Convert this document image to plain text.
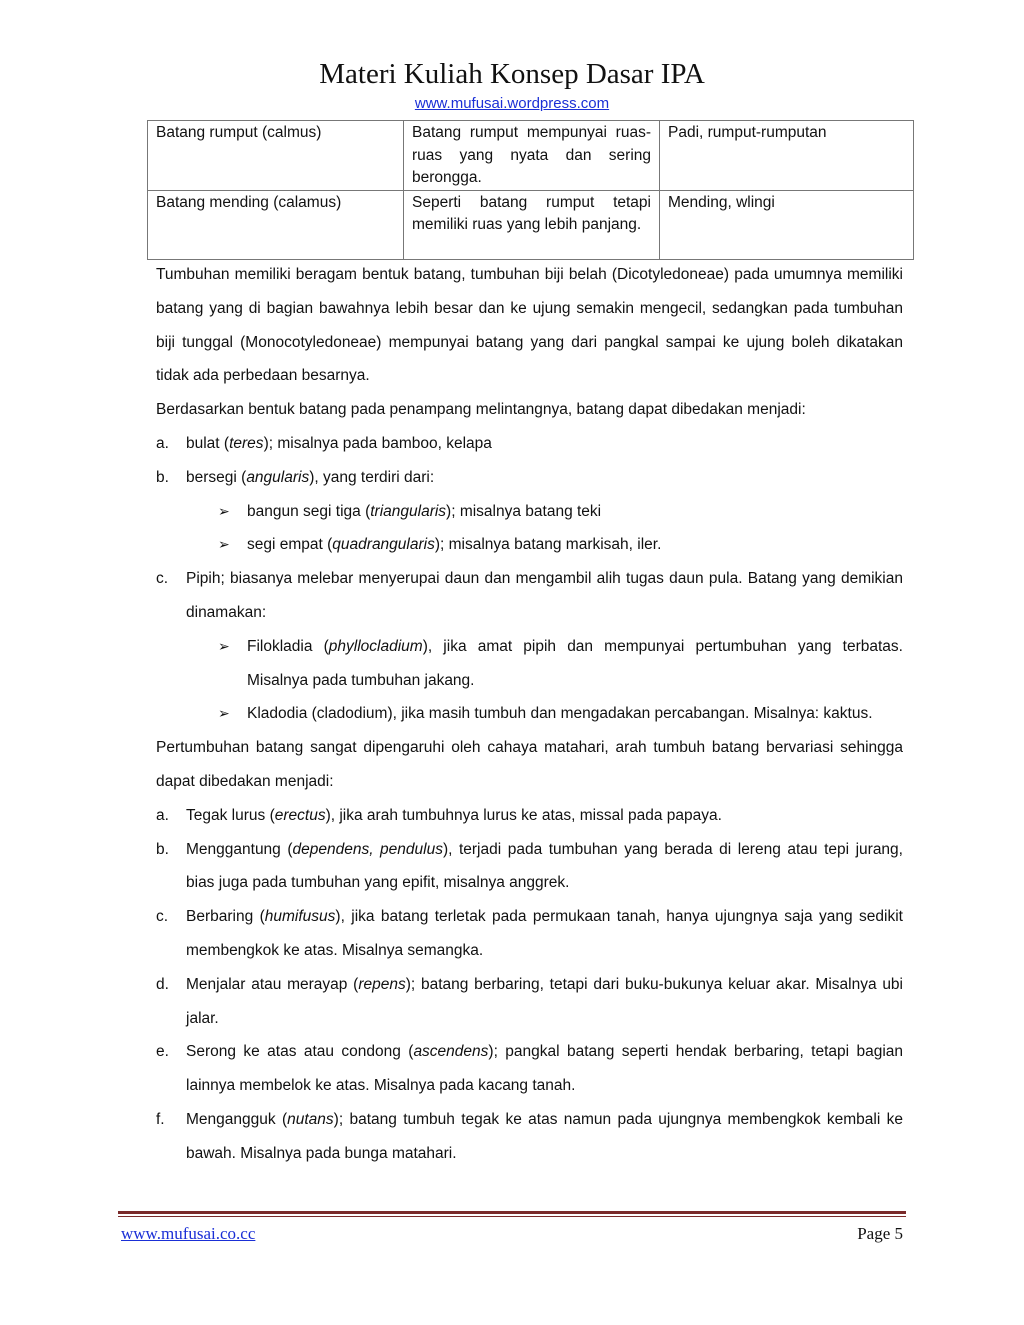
Materi Kuliah Konsep Dasar IPA
www.mufusai.wordpress.com
Batang rumput (calmus)	Batang rumput mempunyai ruas-ruas yang nyata dan sering berongga.	Padi, rumput-rumputan
Batang mending (calamus)	Seperti batang rumput tetapi memiliki ruas yang lebih panjang.	Mending, wlingi

Tumbuhan memiliki beragam bentuk batang, tumbuhan biji belah (Dicotyledoneae) pada umumnya memiliki batang yang di bagian bawahnya lebih besar dan ke ujung semakin mengecil, sedangkan pada tumbuhan biji tunggal (Monocotyledoneae) mempunyai batang yang dari pangkal sampai ke ujung boleh dikatakan tidak ada perbedaan besarnya.

Berdasarkan bentuk batang pada penampang melintangnya, batang dapat dibedakan menjadi:

a. bulat (teres); misalnya pada bamboo, kelapa
b. bersegi (angularis), yang terdiri dari:
➢ bangun segi tiga (triangularis); misalnya batang teki
➢ segi empat (quadrangularis); misalnya batang markisah, iler.
c. Pipih; biasanya melebar menyerupai daun dan mengambil alih tugas daun pula. Batang yang demikian dinamakan:
➢ Filokladia (phyllocladium), jika amat pipih dan mempunyai pertumbuhan yang terbatas. Misalnya pada tumbuhan jakang.
➢ Kladodia (cladodium), jika masih tumbuh dan mengadakan percabangan. Misalnya: kaktus.

Pertumbuhan batang sangat dipengaruhi oleh cahaya matahari, arah tumbuh batang bervariasi sehingga dapat dibedakan menjadi:

a. Tegak lurus (erectus), jika arah tumbuhnya lurus ke atas, missal pada papaya.
b. Menggantung (dependens, pendulus), terjadi pada tumbuhan yang berada di lereng atau tepi jurang, bias juga pada tumbuhan yang epifit, misalnya anggrek.
c. Berbaring (humifusus), jika batang terletak pada permukaan tanah, hanya ujungnya saja yang sedikit membengkok ke atas. Misalnya semangka.
d. Menjalar atau merayap (repens); batang berbaring, tetapi dari buku-bukunya keluar akar. Misalnya ubi jalar.
e. Serong ke atas atau condong (ascendens); pangkal batang seperti hendak berbaring, tetapi bagian lainnya membelok ke atas. Misalnya pada kacang tanah.
f. Mengangguk (nutans); batang tumbuh tegak ke atas namun pada ujungnya membengkok kembali ke bawah. Misalnya pada bunga matahari.
www.mufusai.co.cc	Page 5
